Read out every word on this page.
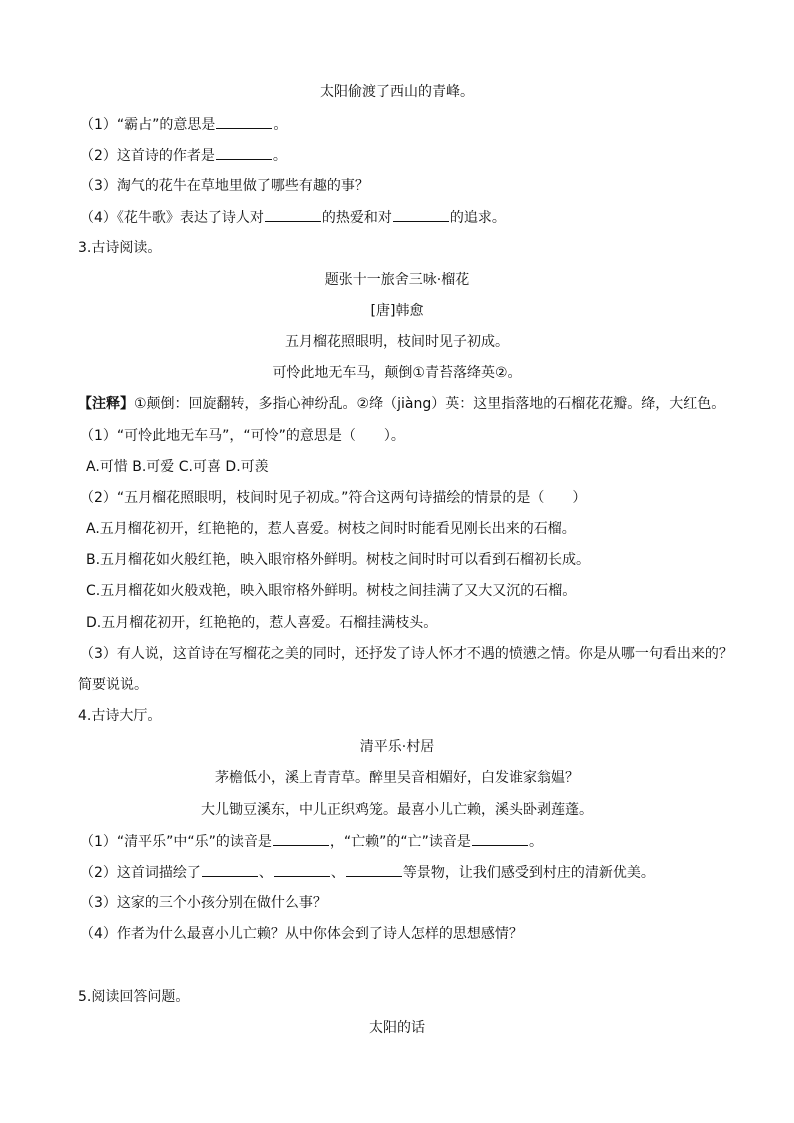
太阳偷渡了西山的青峰。
（1）“霸占”的意思是	。
（2）这首诗的作者是	。
（3）淘气的花牛在草地里做了哪些有趣的事？
（4）《花牛歌》表达了诗人对	的热爱和对	的追求。
3.古诗阅读。
题张十一旅舍三咏·榴花
[唐]韩愈
五月榴花照眼明，枝间时见子初成。
可怜此地无车马，颠倒①青苔落绛英②。
【注释】①颠倒：回旋翻转，多指心神纷乱。②绛（jiàng）英：这里指落地的石榴花花瓣。绛，大红色。
（1）“可怜此地无车马”，“可怜”的意思是（　　）。
A.可惜 B.可爱 C.可喜 D.可羡
（2）“五月榴花照眼明，枝间时见子初成。”符合这两句诗描绘的情景的是（　　）
A.五月榴花初开，红艳艳的，惹人喜爱。树枝之间时时能看见刚长出来的石榴。
B.五月榴花如火般红艳，映入眼帘格外鲜明。树枝之间时时可以看到石榴初长成。
C.五月榴花如火般戏艳，映入眼帘格外鲜明。树枝之间挂满了又大又沉的石榴。
D.五月榴花初开，红艳艳的，惹人喜爱。石榴挂满枝头。
（3）有人说，这首诗在写榴花之美的同时，还抒发了诗人怀才不遇的愤懑之情。你是从哪一句看出来的？
简要说说。
4.古诗大厅。
清平乐·村居
茅檐低小，溪上青青草。醉里吴音相媚好，白发谁家翁媪？
大儿锄豆溪东，中儿正织鸡笼。最喜小儿亡赖，溪头卧剥莲蓬。
（1）“清平乐”中“乐”的读音是	，“亡赖”的“亡”读音是	。
（2）这首词描绘了	、	、	等景物，让我们感受到村庄的清新优美。
（3）这家的三个小孩分别在做什么事？
（4）作者为什么最喜小儿亡赖？从中你体会到了诗人怎样的思想感情？
5.阅读回答问题。
太阳的话
